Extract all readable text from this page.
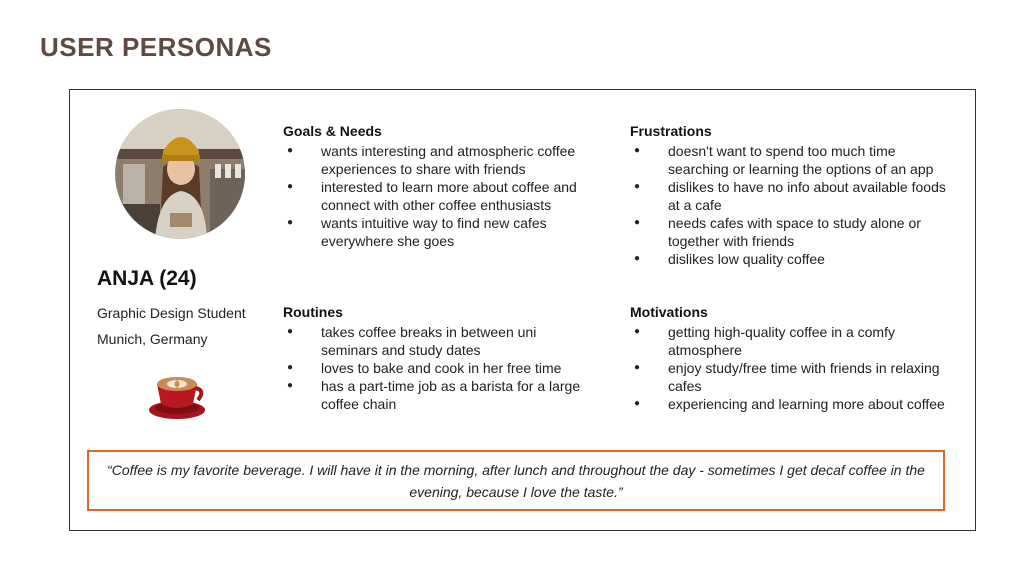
USER PERSONAS
ANJA (24)
Graphic Design Student
Munich, Germany
Goals & Needs
● wants interesting and atmospheric coffee experiences to share with friends
● interested to learn more about coffee and connect with other coffee enthusiasts
● wants intuitive way to find new cafes everywhere she goes
Routines
● takes coffee breaks in between uni seminars and study dates
● loves to bake and cook in her free time
● has a part-time job as a barista for a large coffee chain
Frustrations
● doesn't want to spend too much time searching or learning the options of an app
● dislikes to have no info about available foods at a cafe
● needs cafes with space to study alone or together with friends
● dislikes low quality coffee
Motivations
● getting high-quality coffee in a comfy atmosphere
● enjoy study/free time with friends in relaxing cafes
● experiencing and learning more about coffee
“Coffee is my favorite beverage. I will have it in the morning, after lunch and throughout the day - sometimes I get decaf coffee in the evening, because I love the taste.”
